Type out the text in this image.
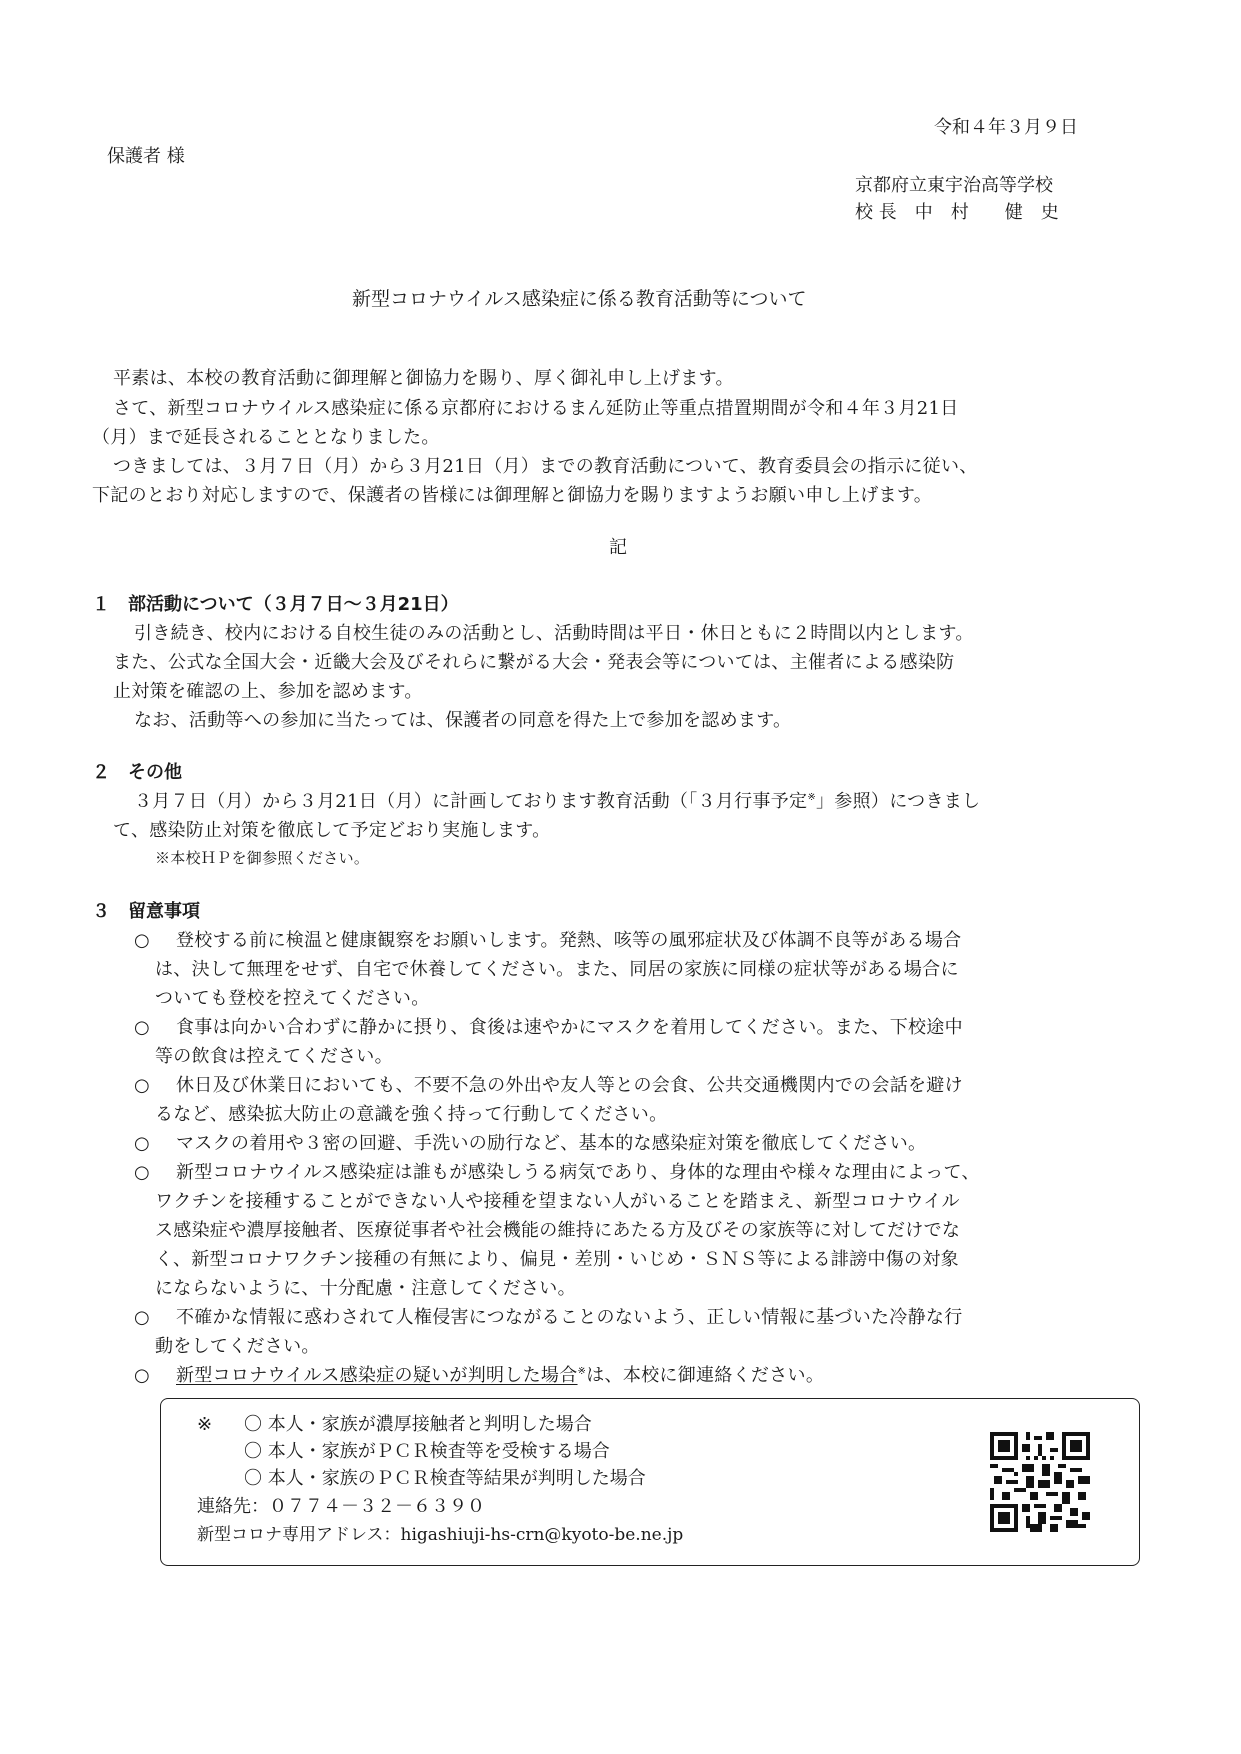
令和４年３月９日
保護者 様
京都府立東宇治高等学校
校 長　中　村　　健　史
新型コロナウイルス感染症に係る教育活動等について
平素は、本校の教育活動に御理解と御協力を賜り、厚く御礼申し上げます。
さて、新型コロナウイルス感染症に係る京都府におけるまん延防止等重点措置期間が令和４年３月21日
（月）まで延長されることとなりました。
つきましては、３月７日（月）から３月21日（月）までの教育活動について、教育委員会の指示に従い、
下記のとおり対応しますので、保護者の皆様には御理解と御協力を賜りますようお願い申し上げます。
記
１　部活動について（３月７日～３月21日）
引き続き、校内における自校生徒のみの活動とし、活動時間は平日・休日ともに２時間以内とします。
また、公式な全国大会・近畿大会及びそれらに繋がる大会・発表会等については、主催者による感染防
止対策を確認の上、参加を認めます。
なお、活動等への参加に当たっては、保護者の同意を得た上で参加を認めます。
２　その他
３月７日（月）から３月21日（月）に計画しております教育活動（「３月行事予定※」参照）につきまし
て、感染防止対策を徹底して予定どおり実施します。
※本校ＨＰを御参照ください。
３　留意事項
○ 登校する前に検温と健康観察をお願いします。発熱、咳等の風邪症状及び体調不良等がある場合
は、決して無理をせず、自宅で休養してください。また、同居の家族に同様の症状等がある場合に
ついても登校を控えてください。
○ 食事は向かい合わずに静かに摂り、食後は速やかにマスクを着用してください。また、下校途中
等の飲食は控えてください。
○ 休日及び休業日においても、不要不急の外出や友人等との会食、公共交通機関内での会話を避け
るなど、感染拡大防止の意識を強く持って行動してください。
○ マスクの着用や３密の回避、手洗いの励行など、基本的な感染症対策を徹底してください。
○ 新型コロナウイルス感染症は誰もが感染しうる病気であり、身体的な理由や様々な理由によって、
ワクチンを接種することができない人や接種を望まない人がいることを踏まえ、新型コロナウイル
ス感染症や濃厚接触者、医療従事者や社会機能の維持にあたる方及びその家族等に対してだけでな
く、新型コロナワクチン接種の有無により、偏見・差別・いじめ・ＳＮＳ等による誹謗中傷の対象
にならないように、十分配慮・注意してください。
○ 不確かな情報に惑わされて人権侵害につながることのないよう、正しい情報に基づいた冷静な行
動をしてください。
○ 新型コロナウイルス感染症の疑いが判明した場合※は、本校に御連絡ください。
※ 〇 本人・家族が濃厚接触者と判明した場合
〇 本人・家族がＰＣＲ検査等を受検する場合
〇 本人・家族のＰＣＲ検査等結果が判明した場合
連絡先：０７７４－３２－６３９０
新型コロナ専用アドレス：higashiuji-hs-crn@kyoto-be.ne.jp
